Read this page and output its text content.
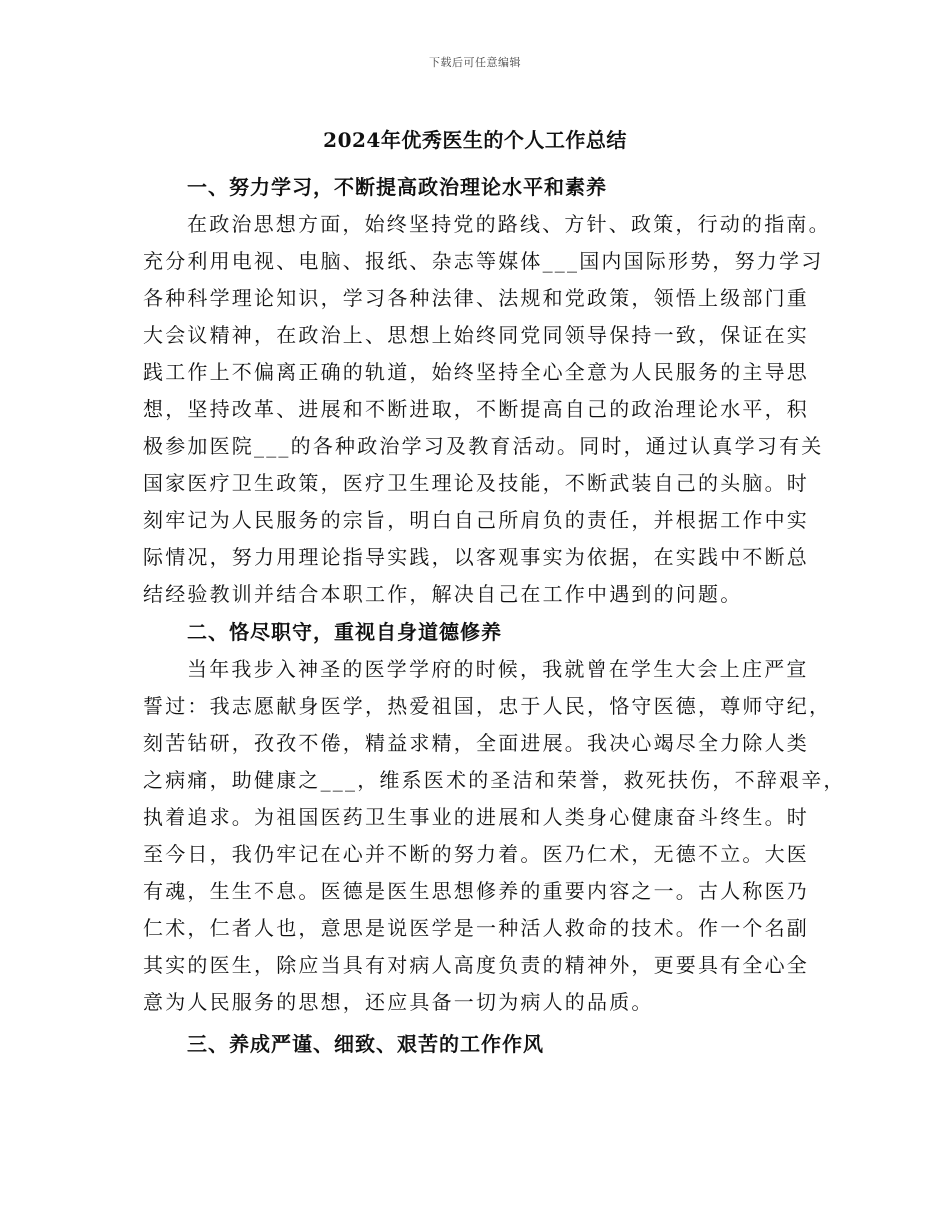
下载后可任意编辑
2024年优秀医生的个人工作总结
一、努力学习，不断提高政治理论水平和素养

在政治思想方面，始终坚持党的路线、方针、政策，行动的指南。

充分利用电视、电脑、报纸、杂志等媒体___国内国际形势，努力学习

各种科学理论知识，学习各种法律、法规和党政策，领悟上级部门重

大会议精神，在政治上、思想上始终同党同领导保持一致，保证在实

践工作上不偏离正确的轨道，始终坚持全心全意为人民服务的主导思

想，坚持改革、进展和不断进取，不断提高自己的政治理论水平，积

极参加医院___的各种政治学习及教育活动。同时，通过认真学习有关

国家医疗卫生政策，医疗卫生理论及技能，不断武装自己的头脑。时

刻牢记为人民服务的宗旨，明白自己所肩负的责任，并根据工作中实

际情况，努力用理论指导实践，以客观事实为依据，在实践中不断总

结经验教训并结合本职工作，解决自己在工作中遇到的问题。

二、恪尽职守，重视自身道德修养

当年我步入神圣的医学学府的时候，我就曾在学生大会上庄严宣

誓过：我志愿献身医学，热爱祖国，忠于人民，恪守医德，尊师守纪，

刻苦钻研，孜孜不倦，精益求精，全面进展。我决心竭尽全力除人类

之病痛，助健康之___，维系医术的圣洁和荣誉，救死扶伤，不辞艰辛，

执着追求。为祖国医药卫生事业的进展和人类身心健康奋斗终生。时

至今日，我仍牢记在心并不断的努力着。医乃仁术，无德不立。大医

有魂，生生不息。医德是医生思想修养的重要内容之一。古人称医乃

仁术，仁者人也，意思是说医学是一种活人救命的技术。作一个名副

其实的医生，除应当具有对病人高度负责的精神外，更要具有全心全

意为人民服务的思想，还应具备一切为病人的品质。

三、养成严谨、细致、艰苦的工作作风
